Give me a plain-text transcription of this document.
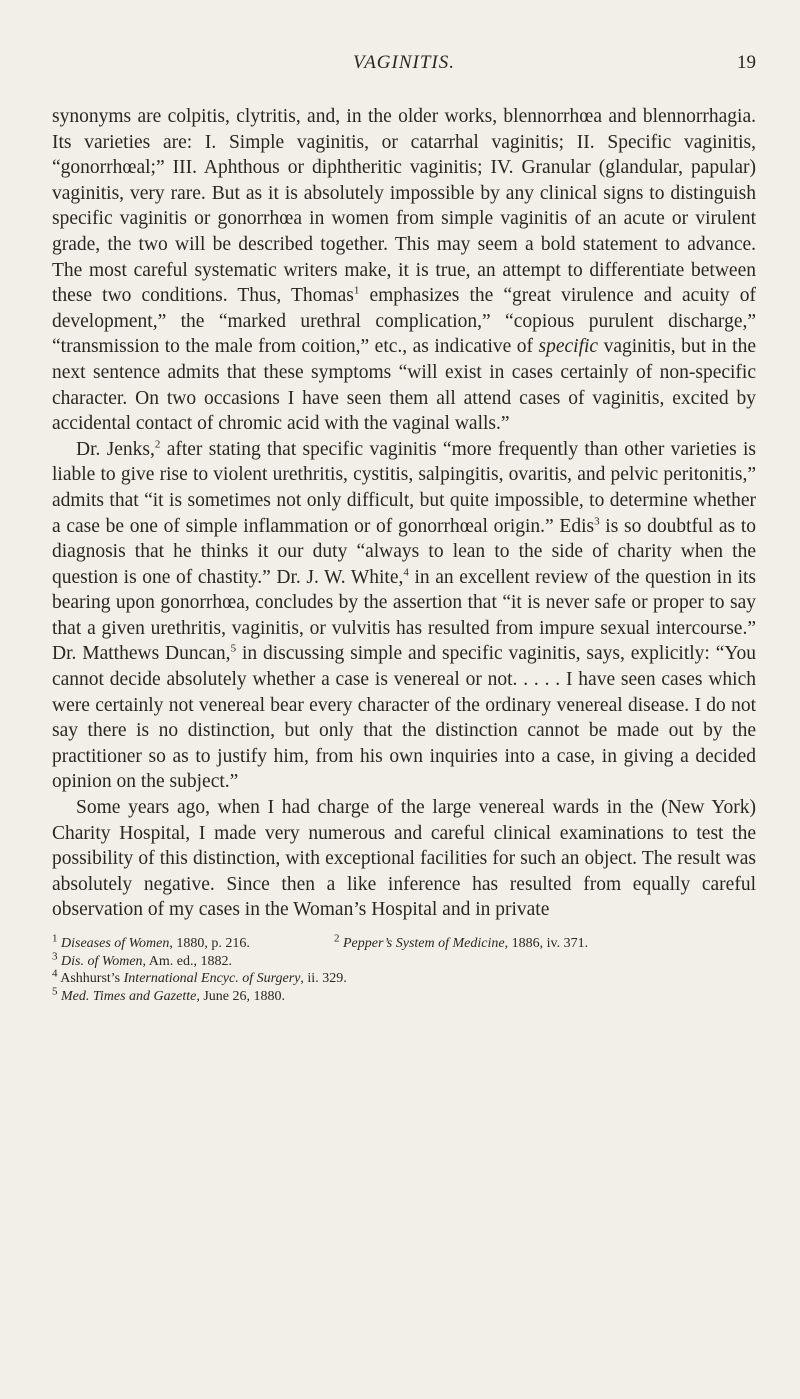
VAGINITIS.	19

synonyms are colpitis, clytritis, and, in the older works, blennorrhœa and blennorrhagia. Its varieties are: I. Simple vaginitis, or catarrhal vaginitis; II. Specific vaginitis, “gonorrhœal;” III. Aphthous or diphtheritic vaginitis; IV. Granular (glandular, papular) vaginitis, very rare. But as it is absolutely impossible by any clinical signs to distinguish specific vaginitis or gonorrhœa in women from simple vaginitis of an acute or virulent grade, the two will be described together. This may seem a bold statement to advance. The most careful systematic writers make, it is true, an attempt to differentiate between these two conditions. Thus, Thomas$^1$ emphasizes the “great virulence and acuity of development,” the “marked urethral complication,” “copious purulent discharge,” “transmission to the male from coition,” etc., as indicative of specific vaginitis, but in the next sentence admits that these symptoms “will exist in cases certainly of non-specific character. On two occasions I have seen them all attend cases of vaginitis, excited by accidental contact of chromic acid with the vaginal walls.”

Dr. Jenks,$^2$ after stating that specific vaginitis “more frequently than other varieties is liable to give rise to violent urethritis, cystitis, salpingitis, ovaritis, and pelvic peritonitis,” admits that “it is sometimes not only difficult, but quite impossible, to determine whether a case be one of simple inflammation or of gonorrhœal origin.” Edis$^3$ is so doubtful as to diagnosis that he thinks it our duty “always to lean to the side of charity when the question is one of chastity.” Dr. J. W. White,$^4$ in an excellent review of the question in its bearing upon gonorrhœa, concludes by the assertion that “it is never safe or proper to say that a given urethritis, vaginitis, or vulvitis has resulted from impure sexual intercourse.” Dr. Matthews Duncan,$^5$ in discussing simple and specific vaginitis, says, explicitly: “You cannot decide absolutely whether a case is venereal or not. . . . . I have seen cases which were certainly not venereal bear every character of the ordinary venereal disease. I do not say there is no distinction, but only that the distinction cannot be made out by the practitioner so as to justify him, from his own inquiries into a case, in giving a decided opinion on the subject.”

Some years ago, when I had charge of the large venereal wards in the (New York) Charity Hospital, I made very numerous and careful clinical examinations to test the possibility of this distinction, with exceptional facilities for such an object. The result was absolutely negative. Since then a like inference has resulted from equally careful observation of my cases in the Woman’s Hospital and in private

$^1$ Diseases of Women, 1880, p. 216.	$^2$ Pepper’s System of Medicine, 1886, iv. 371.
$^3$ Dis. of Women, Am. ed., 1882.
$^4$ Ashhurst’s International Encyc. of Surgery, ii. 329.
$^5$ Med. Times and Gazette, June 26, 1880.
